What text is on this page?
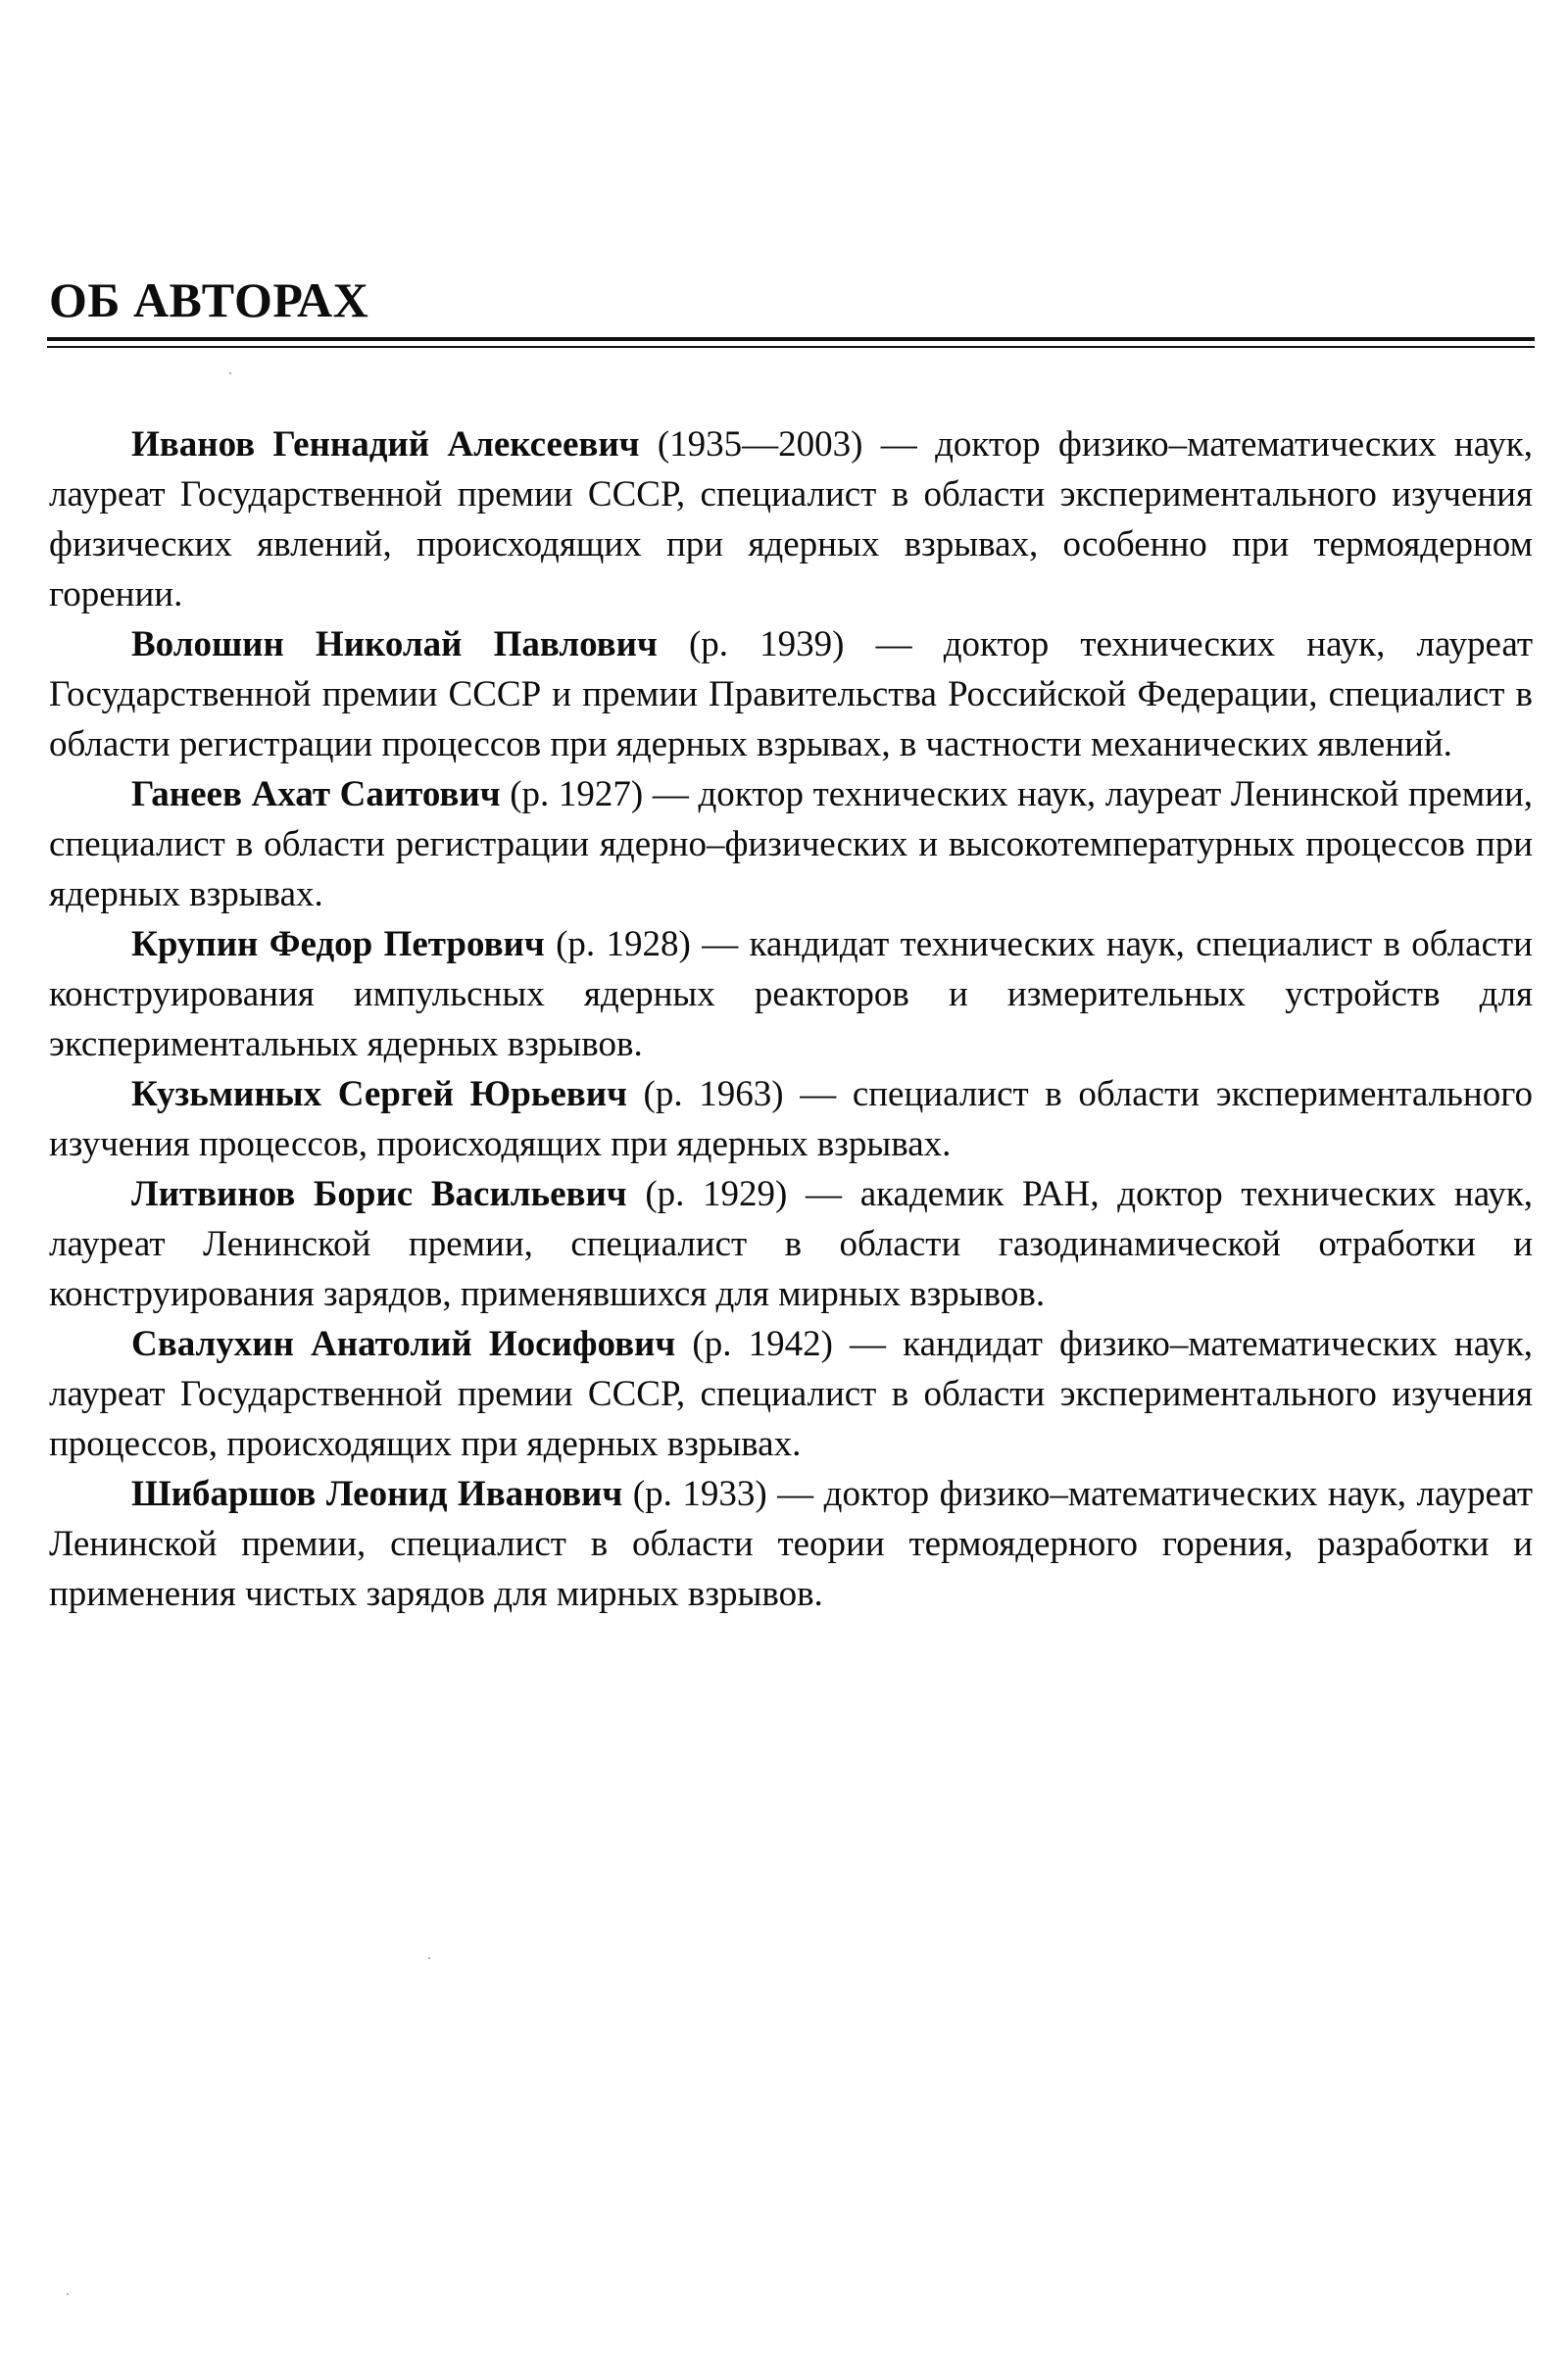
ОБ АВТОРАХ

Иванов Геннадий Алексеевич (1935—2003) — доктор физико–математических наук, лауреат Государственной премии СССР, специалист в области экспериментального изучения физических явлений, происходящих при ядерных взрывах, особенно при термоядерном горении.

Волошин Николай Павлович (р. 1939) — доктор технических наук, лауреат Государственной премии СССР и премии Правительства Российской Федерации, специалист в области регистрации процессов при ядерных взрывах, в частности механических явлений.

Ганеев Ахат Саитович (р. 1927) — доктор технических наук, лауреат Ленинской премии, специалист в области регистрации ядерно–физических и высокотемпературных процессов при ядерных взрывах.

Крупин Федор Петрович (р. 1928) — кандидат технических наук, специалист в области конструирования импульсных ядерных реакторов и измерительных устройств для экспериментальных ядерных взрывов.

Кузьминых Сергей Юрьевич (р. 1963) — специалист в области экспериментального изучения процессов, происходящих при ядерных взрывах.

Литвинов Борис Васильевич (р. 1929) — академик РАН, доктор технических наук, лауреат Ленинской премии, специалист в области газодинамической отработки и конструирования зарядов, применявшихся для мирных взрывов.

Свалухин Анатолий Иосифович (р. 1942) — кандидат физико–математических наук, лауреат Государственной премии СССР, специалист в области экспериментального изучения процессов, происходящих при ядерных взрывах.

Шибаршов Леонид Иванович (р. 1933) — доктор физико–математических наук, лауреат Ленинской премии, специалист в области теории термоядерного горения, разработки и применения чистых зарядов для мирных взрывов.
